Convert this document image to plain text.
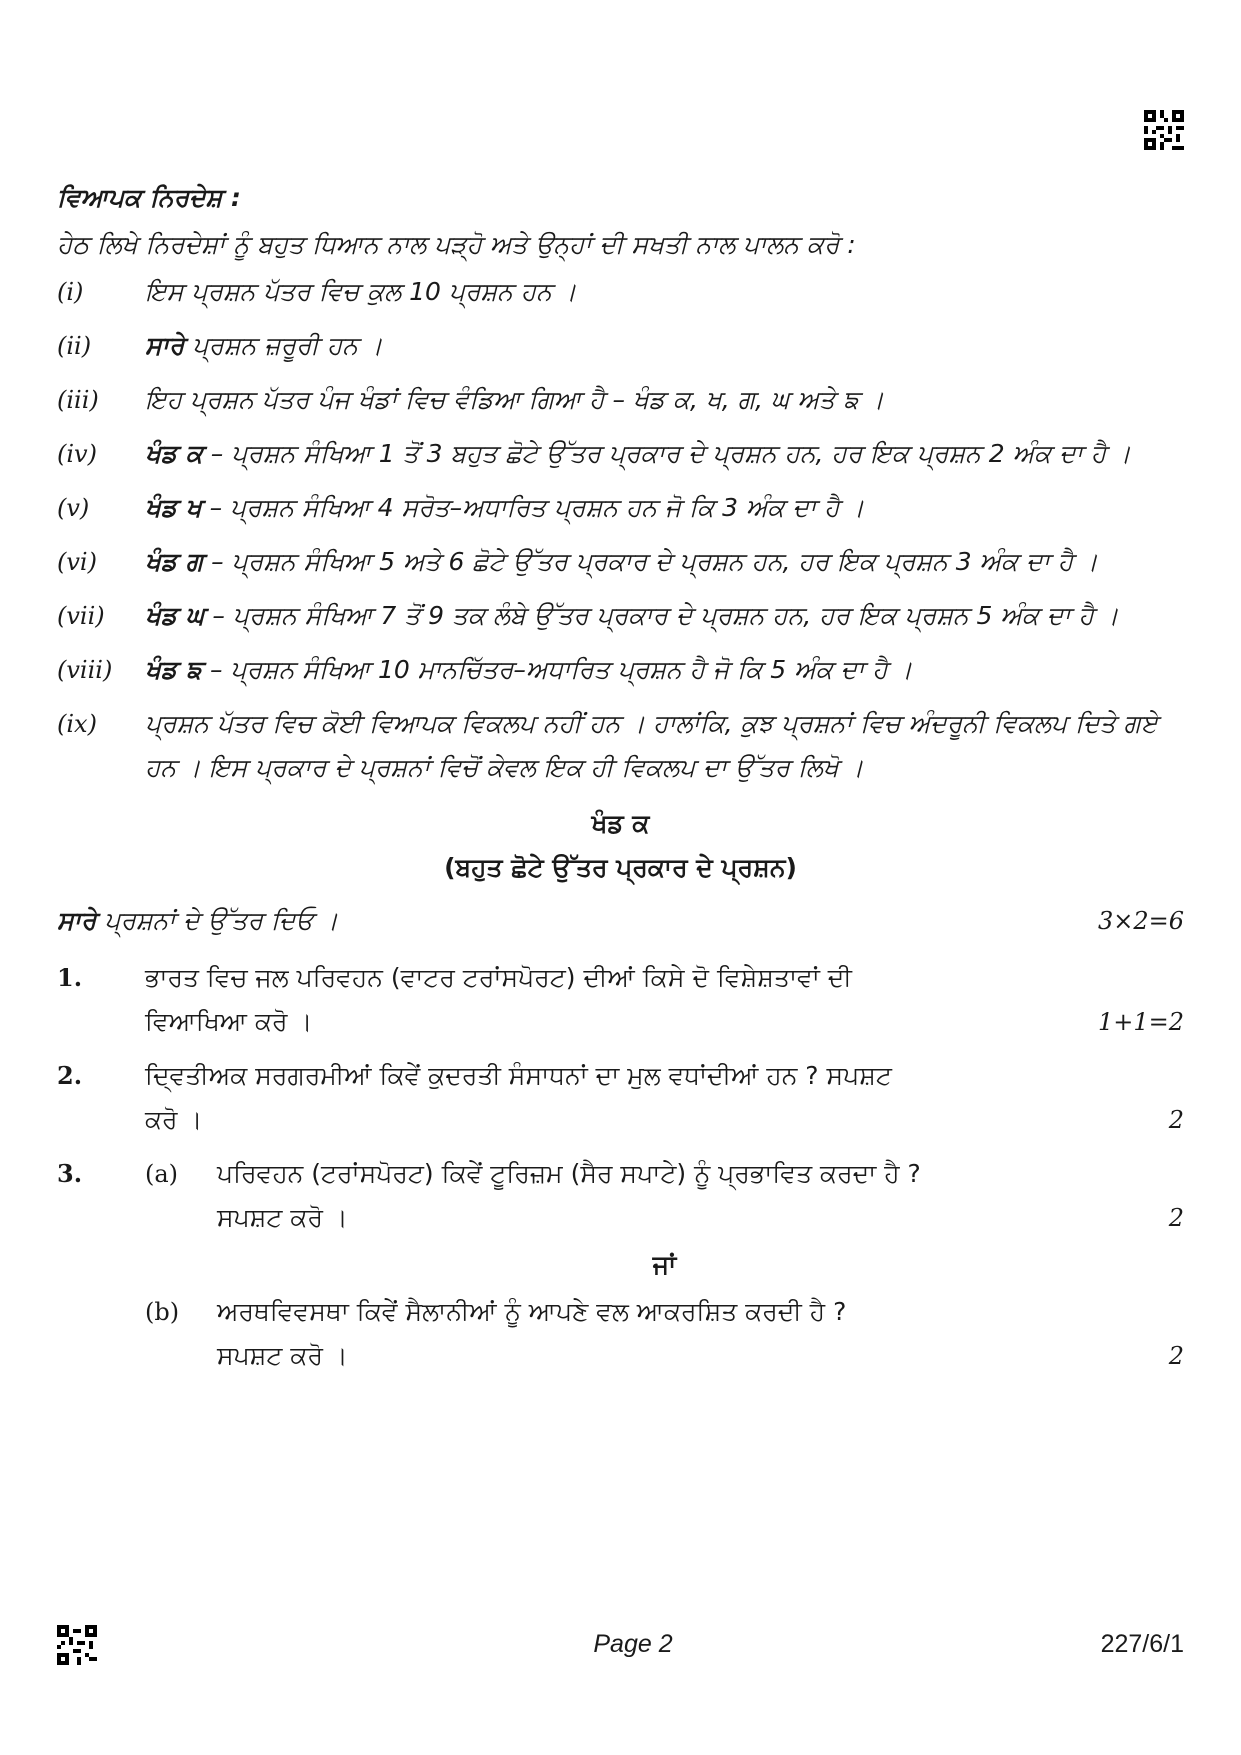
ਵਿਆਪਕ ਨਿਰਦੇਸ਼ :
ਹੇਠ ਲਿਖੇ ਨਿਰਦੇਸ਼ਾਂ ਨੂੰ ਬਹੁਤ ਧਿਆਨ ਨਾਲ ਪੜ੍ਹੋ ਅਤੇ ਉਨ੍ਹਾਂ ਦੀ ਸਖਤੀ ਨਾਲ ਪਾਲਨ ਕਰੋ :
(i)	ਇਸ ਪ੍ਰਸ਼ਨ ਪੱਤਰ ਵਿਚ ਕੁਲ 10 ਪ੍ਰਸ਼ਨ ਹਨ ।
(ii)	ਸਾਰੇ ਪ੍ਰਸ਼ਨ ਜ਼ਰੂਰੀ ਹਨ ।
(iii)	ਇਹ ਪ੍ਰਸ਼ਨ ਪੱਤਰ ਪੰਜ ਖੰਡਾਂ ਵਿਚ ਵੰਡਿਆ ਗਿਆ ਹੈ – ਖੰਡ ਕ, ਖ, ਗ, ਘ ਅਤੇ ਙ ।
(iv)	ਖੰਡ ਕ – ਪ੍ਰਸ਼ਨ ਸੰਖਿਆ 1 ਤੋਂ 3 ਬਹੁਤ ਛੋਟੇ ਉੱਤਰ ਪ੍ਰਕਾਰ ਦੇ ਪ੍ਰਸ਼ਨ ਹਨ, ਹਰ ਇਕ ਪ੍ਰਸ਼ਨ 2 ਅੰਕ ਦਾ ਹੈ ।
(v)	ਖੰਡ ਖ – ਪ੍ਰਸ਼ਨ ਸੰਖਿਆ 4 ਸਰੋਤ–ਅਧਾਰਿਤ ਪ੍ਰਸ਼ਨ ਹਨ ਜੋ ਕਿ 3 ਅੰਕ ਦਾ ਹੈ ।
(vi)	ਖੰਡ ਗ – ਪ੍ਰਸ਼ਨ ਸੰਖਿਆ 5 ਅਤੇ 6 ਛੋਟੇ ਉੱਤਰ ਪ੍ਰਕਾਰ ਦੇ ਪ੍ਰਸ਼ਨ ਹਨ, ਹਰ ਇਕ ਪ੍ਰਸ਼ਨ 3 ਅੰਕ ਦਾ ਹੈ ।
(vii)	ਖੰਡ ਘ – ਪ੍ਰਸ਼ਨ ਸੰਖਿਆ 7 ਤੋਂ 9 ਤਕ ਲੰਬੇ ਉੱਤਰ ਪ੍ਰਕਾਰ ਦੇ ਪ੍ਰਸ਼ਨ ਹਨ, ਹਰ ਇਕ ਪ੍ਰਸ਼ਨ 5 ਅੰਕ ਦਾ ਹੈ ।
(viii)	ਖੰਡ ਙ – ਪ੍ਰਸ਼ਨ ਸੰਖਿਆ 10 ਮਾਨਚਿੱਤਰ–ਅਧਾਰਿਤ ਪ੍ਰਸ਼ਨ ਹੈ ਜੋ ਕਿ 5 ਅੰਕ ਦਾ ਹੈ ।
(ix)	ਪ੍ਰਸ਼ਨ ਪੱਤਰ ਵਿਚ ਕੋਈ ਵਿਆਪਕ ਵਿਕਲਪ ਨਹੀਂ ਹਨ । ਹਾਲਾਂਕਿ, ਕੁਝ ਪ੍ਰਸ਼ਨਾਂ ਵਿਚ ਅੰਦਰੂਨੀ ਵਿਕਲਪ ਦਿਤੇ ਗਏ ਹਨ । ਇਸ ਪ੍ਰਕਾਰ ਦੇ ਪ੍ਰਸ਼ਨਾਂ ਵਿਚੋਂ ਕੇਵਲ ਇਕ ਹੀ ਵਿਕਲਪ ਦਾ ਉੱਤਰ ਲਿਖੋ ।
ਖੰਡ ਕ
(ਬਹੁਤ ਛੋਟੇ ਉੱਤਰ ਪ੍ਰਕਾਰ ਦੇ ਪ੍ਰਸ਼ਨ)
ਸਾਰੇ ਪ੍ਰਸ਼ਨਾਂ ਦੇ ਉੱਤਰ ਦਿਓ ।	3×2=6
1.	ਭਾਰਤ ਵਿਚ ਜਲ ਪਰਿਵਹਨ (ਵਾਟਰ ਟਰਾਂਸਪੋਰਟ) ਦੀਆਂ ਕਿਸੇ ਦੋ ਵਿਸ਼ੇਸ਼ਤਾਵਾਂ ਦੀ
ਵਿਆਖਿਆ ਕਰੋ ।	1+1=2
2.	ਦ੍ਵਿਤੀਅਕ ਸਰਗਰਮੀਆਂ ਕਿਵੇਂ ਕੁਦਰਤੀ ਸੰਸਾਧਨਾਂ ਦਾ ਮੁਲ ਵਧਾਂਦੀਆਂ ਹਨ ? ਸਪਸ਼ਟ
ਕਰੋ ।	2
3.	(a)	ਪਰਿਵਹਨ (ਟਰਾਂਸਪੋਰਟ) ਕਿਵੇਂ ਟੂਰਿਜ਼ਮ (ਸੈਰ ਸਪਾਟੇ) ਨੂੰ ਪ੍ਰਭਾਵਿਤ ਕਰਦਾ ਹੈ ?
ਸਪਸ਼ਟ ਕਰੋ ।	2
ਜਾਂ
(b)	ਅਰਥਵਿਵਸਥਾ ਕਿਵੇਂ ਸੈਲਾਨੀਆਂ ਨੂੰ ਆਪਣੇ ਵਲ ਆਕਰਸ਼ਿਤ ਕਰਦੀ ਹੈ ?
ਸਪਸ਼ਟ ਕਰੋ ।	2
Page 2	227/6/1
